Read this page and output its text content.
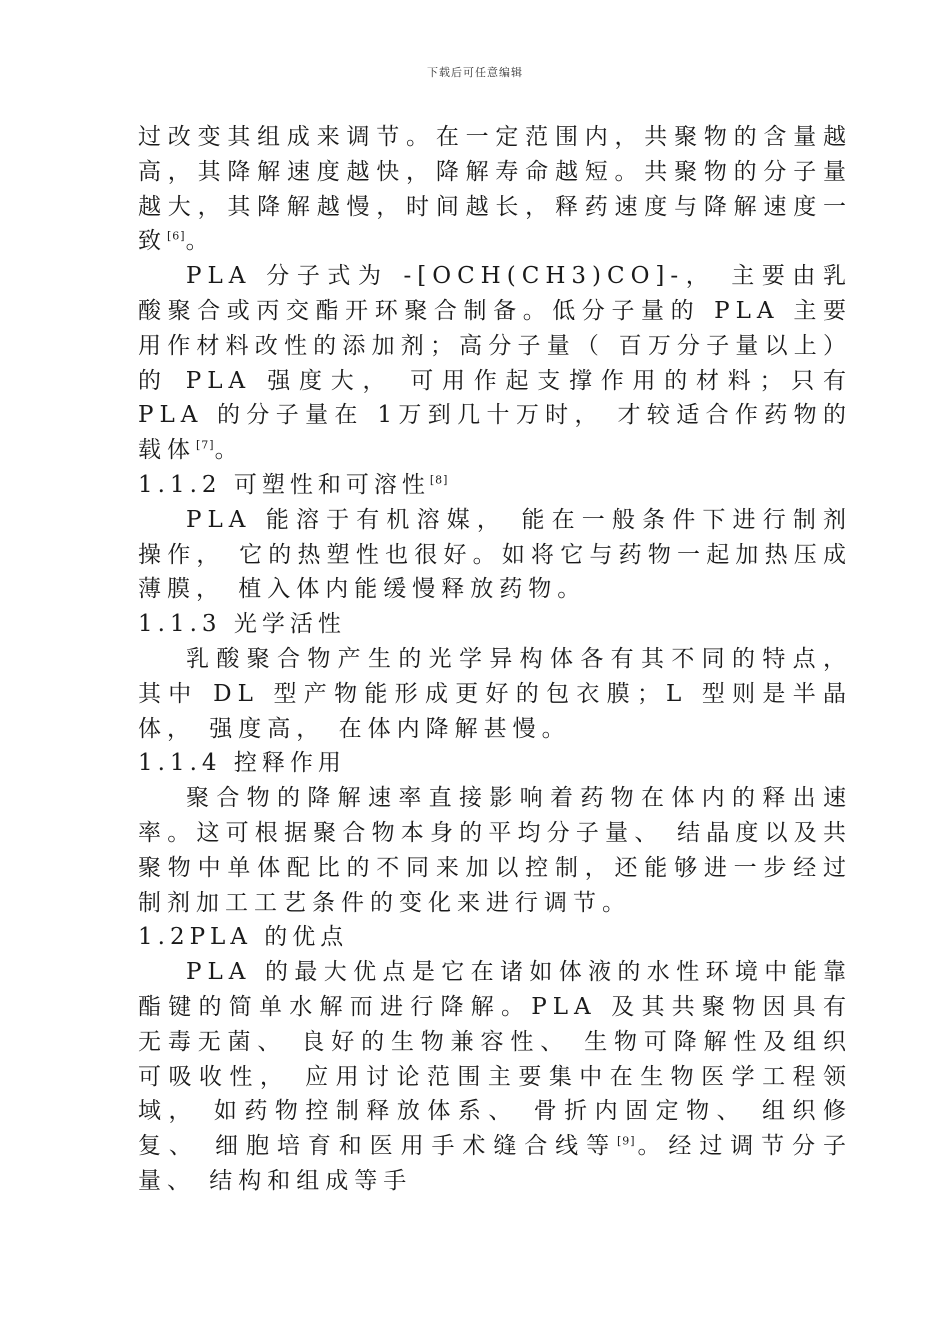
下载后可任意编辑

过改变其组成来调节。在一定范围内，共聚物的含量越高，其降解速度越快，降解寿命越短。共聚物的分子量越大，其降解越慢，时间越长，释药速度与降解速度一致[6]。

PLA 分子式为 -[OCH(CH3)CO]-， 主要由乳酸聚合或丙交酯开环聚合制备。低分子量的 PLA 主要用作材料改性的添加剂；高分子量（ 百万分子量以上）的 PLA 强度大， 可用作起支撑作用的材料；只有 PLA 的分子量在 1万到几十万时， 才较适合作药物的载体[7]。

1.1.2 可塑性和可溶性[8]

PLA 能溶于有机溶媒， 能在一般条件下进行制剂操作， 它的热塑性也很好。如将它与药物一起加热压成薄膜， 植入体内能缓慢释放药物。

1.1.3 光学活性

乳酸聚合物产生的光学异构体各有其不同的特点， 其中 DL 型产物能形成更好的包衣膜；L 型则是半晶体， 强度高， 在体内降解甚慢。

1.1.4 控释作用

聚合物的降解速率直接影响着药物在体内的释出速率。这可根据聚合物本身的平均分子量、 结晶度以及共聚物中单体配比的不同来加以控制，还能够进一步经过制剂加工工艺条件的变化来进行调节。

1.2PLA 的优点

PLA 的最大优点是它在诸如体液的水性环境中能靠酯键的简单水解而进行降解。PLA 及其共聚物因具有无毒无菌、 良好的生物兼容性、 生物可降解性及组织可吸收性， 应用讨论范围主要集中在生物医学工程领域， 如药物控制释放体系、 骨折内固定物、 组织修复、 细胞培育和医用手术缝合线等[9]。经过调节分子量、 结构和组成等手
